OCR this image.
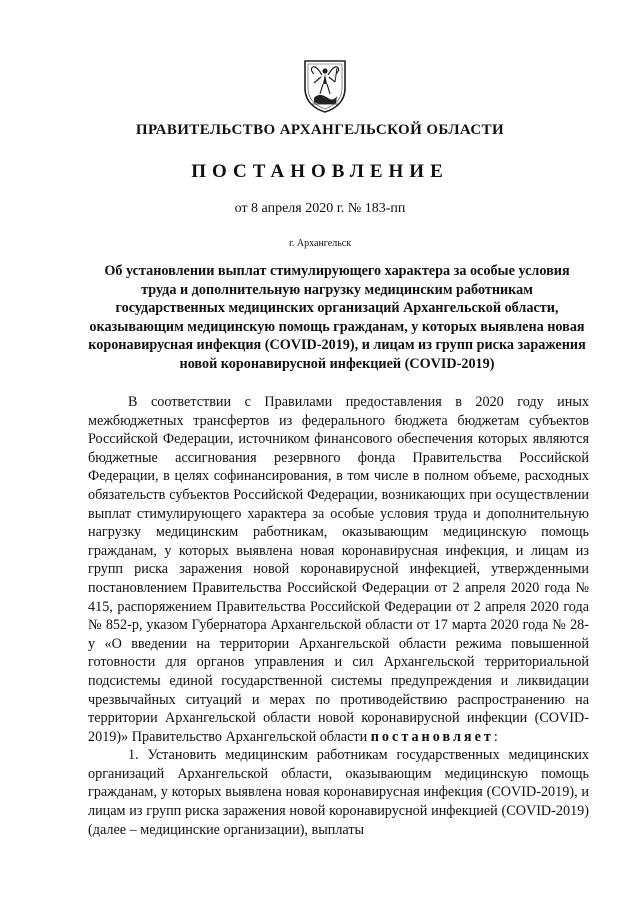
ПРАВИТЕЛЬСТВО АРХАНГЕЛЬСКОЙ ОБЛАСТИ
ПОСТАНОВЛЕНИЕ
от 8 апреля 2020 г. № 183-пп
г. Архангельск
Об установлении выплат стимулирующего характера за особые условия труда и дополнительную нагрузку медицинским работникам государственных медицинских организаций Архангельской области, оказывающим медицинскую помощь гражданам, у которых выявлена новая коронавирусная инфекция (COVID-2019), и лицам из групп риска заражения новой коронавирусной инфекцией (COVID-2019)

В соответствии с Правилами предоставления в 2020 году иных межбюджетных трансфертов из федерального бюджета бюджетам субъектов Российской Федерации, источником финансового обеспечения которых являются бюджетные ассигнования резервного фонда Правительства Российской Федерации, в целях софинансирования, в том числе в полном объеме, расходных обязательств субъектов Российской Федерации, возникающих при осуществлении выплат стимулирующего характера за особые условия труда и дополнительную нагрузку медицинским работникам, оказывающим медицинскую помощь гражданам, у которых выявлена новая коронавирусная инфекция, и лицам из групп риска заражения новой коронавирусной инфекцией, утвержденными постановлением Правительства Российской Федерации от 2 апреля 2020 года № 415, распоряжением Правительства Российской Федерации от 2 апреля 2020 года № 852-р, указом Губернатора Архангельской области от 17 марта 2020 года № 28-у «О введении на территории Архангельской области режима повышенной готовности для органов управления и сил Архангельской территориальной подсистемы единой государственной системы предупреждения и ликвидации чрезвычайных ситуаций и мерах по противодействию распространению на территории Архангельской области новой коронавирусной инфекции (COVID-2019)» Правительство Архангельской области постановляет:

1. Установить медицинским работникам государственных медицинских организаций Архангельской области, оказывающим медицинскую помощь гражданам, у которых выявлена новая коронавирусная инфекция (COVID-2019), и лицам из групп риска заражения новой коронавирусной инфекцией (COVID-2019) (далее – медицинские организации), выплаты
